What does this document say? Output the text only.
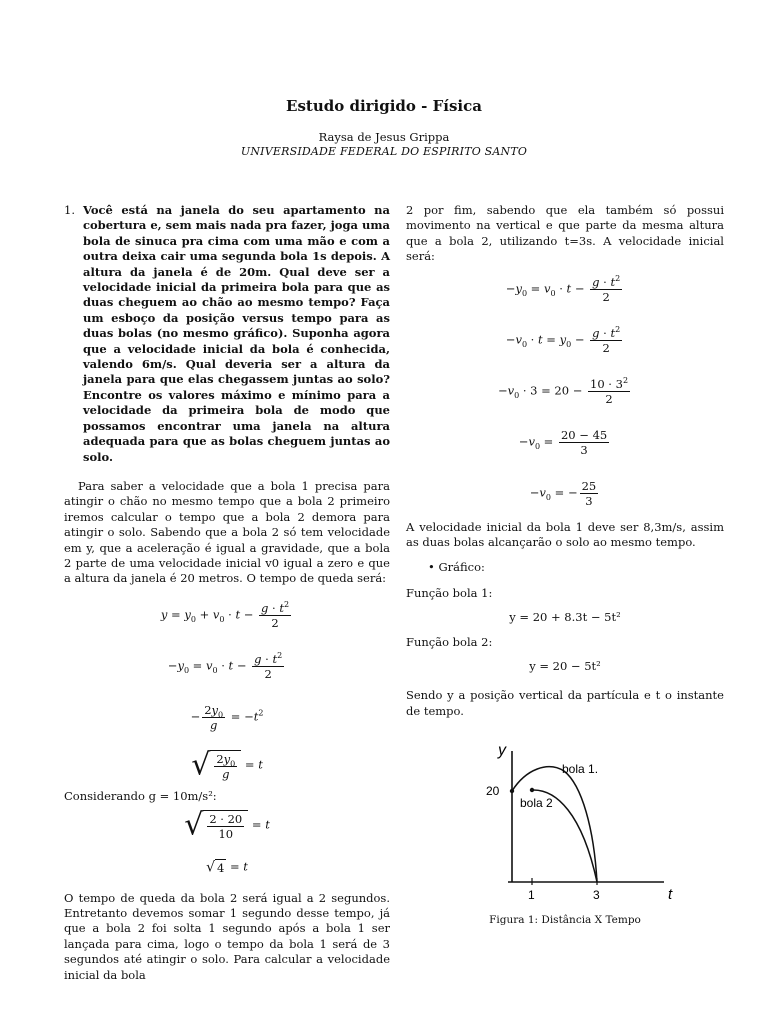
Estudo dirigido - Física
Raysa de Jesus Grippa
UNIVERSIDADE FEDERAL DO ESPIRITO SANTO
1. Você está na janela do seu apartamento na cobertura e, sem mais nada pra fazer, joga uma bola de sinuca pra cima com uma mão e com a outra deixa cair uma segunda bola 1s depois. A altura da janela é de 20m. Qual deve ser a velocidade inicial da primeira bola para que as duas cheguem ao chão ao mesmo tempo? Faça um esboço da posição versus tempo para as duas bolas (no mesmo gráfico). Suponha agora que a velocidade inicial da bola é conhecida, valendo 6m/s. Qual deveria ser a altura da janela para que elas chegassem juntas ao solo? Encontre os valores máximo e mínimo para a velocidade da primeira bola de modo que possamos encontrar uma janela na altura adequada para que as bolas cheguem juntas ao solo.

Para saber a velocidade que a bola 1 precisa para atingir o chão no mesmo tempo que a bola 2 primeiro iremos calcular o tempo que a bola 2 demora para atingir o solo. Sabendo que a bola 2 só tem velocidade em y, que a aceleração é igual a gravidade, que a bola 2 parte de uma velocidade inicial v0 igual a zero e que a altura da janela é 20 metros. O tempo de queda será:

$y = y_0 + v_0 \cdot t - \frac{g \cdot t^2}{2}$
$-y_0 = v_0 \cdot t - \frac{g \cdot t^2}{2}$
− $\frac{2y_0}{g} = -t^2$
√ $\frac{2y_0}{g} = t$

Considerando g = 10m/s²:

√ $\frac{2 \cdot 20}{10} = t$
√ 4 = t

O tempo de queda da bola 2 será igual a 2 segundos. Entretanto devemos somar 1 segundo desse tempo, já que a bola 2 foi solta 1 segundo após a bola 1 ser lançada para cima, logo o tempo da bola 1 será de 3 segundos até atingir o solo. Para calcular a velocidade inicial da bola

2 por fim, sabendo que ela também só possui movimento na vertical e que parte da mesma altura que a bola 2, utilizando t=3s. A velocidade inicial será:

$-y_0 = v_0 \cdot t - \frac{g \cdot t^2}{2}$
$-v_0 \cdot t = y_0 - \frac{g \cdot t^2}{2}$
$-v_0 \cdot 3 = 20 - \frac{10 \cdot 3^2}{2}$
$-v_0 = \frac{20 - 45}{3}$
$-v_0$ = − $\frac{25}{3}$

A velocidade inicial da bola 1 deve ser 8,3m/s, assim as duas bolas alcançarão o solo ao mesmo tempo.

• Gráfico:

Função bola 1:

y = 20 + 8.3t − 5t²

Função bola 2:

y = 20 − 5t²

Sendo y a posição vertical da partícula e t o instante de tempo.

y
t
20
1	3
bola 1.
bola 2
Figura 1: Distância X Tempo
